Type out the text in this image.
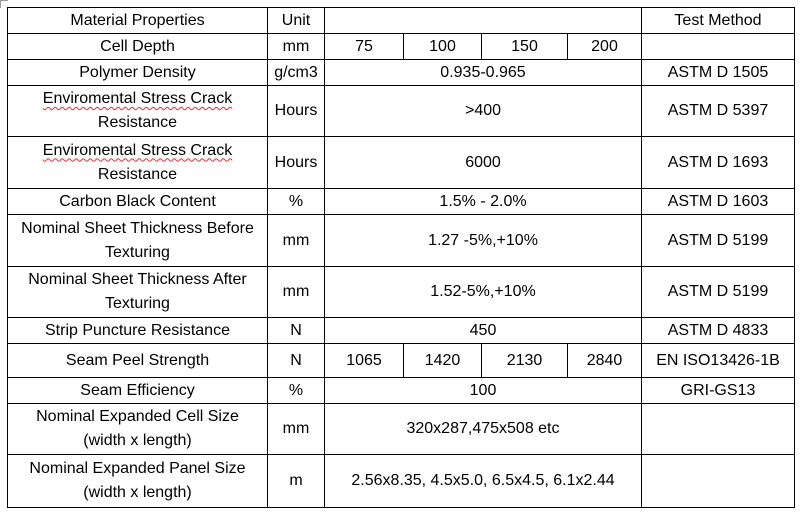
Material Properties	Unit					Test Method
Cell Depth	mm	75	100	150	200	
Polymer Density	g/cm3	0.935-0.965				ASTM D 1505
Enviromental Stress Crack
Resistance	Hours	>400				ASTM D 5397
Enviromental Stress Crack
Resistance	Hours	6000				ASTM D 1693
Carbon Black Content	%	1.5% - 2.0%				ASTM D 1603
Nominal Sheet Thickness Before
Texturing	mm	1.27 -5%,+10%				ASTM D 5199
Nominal Sheet Thickness After
Texturing	mm	1.52-5%,+10%				ASTM D 5199
Strip Puncture Resistance	N	450				ASTM D 4833
Seam Peel Strength	N	1065	1420	2130	2840	EN ISO13426-1B
Seam Efficiency	%	100				GRI-GS13
Nominal Expanded Cell Size
(width x length)	mm	320x287,475x508 etc				
Nominal Expanded Panel Size
(width x length)	m	2.56x8.35, 4.5x5.0, 6.5x4.5, 6.1x2.44				
